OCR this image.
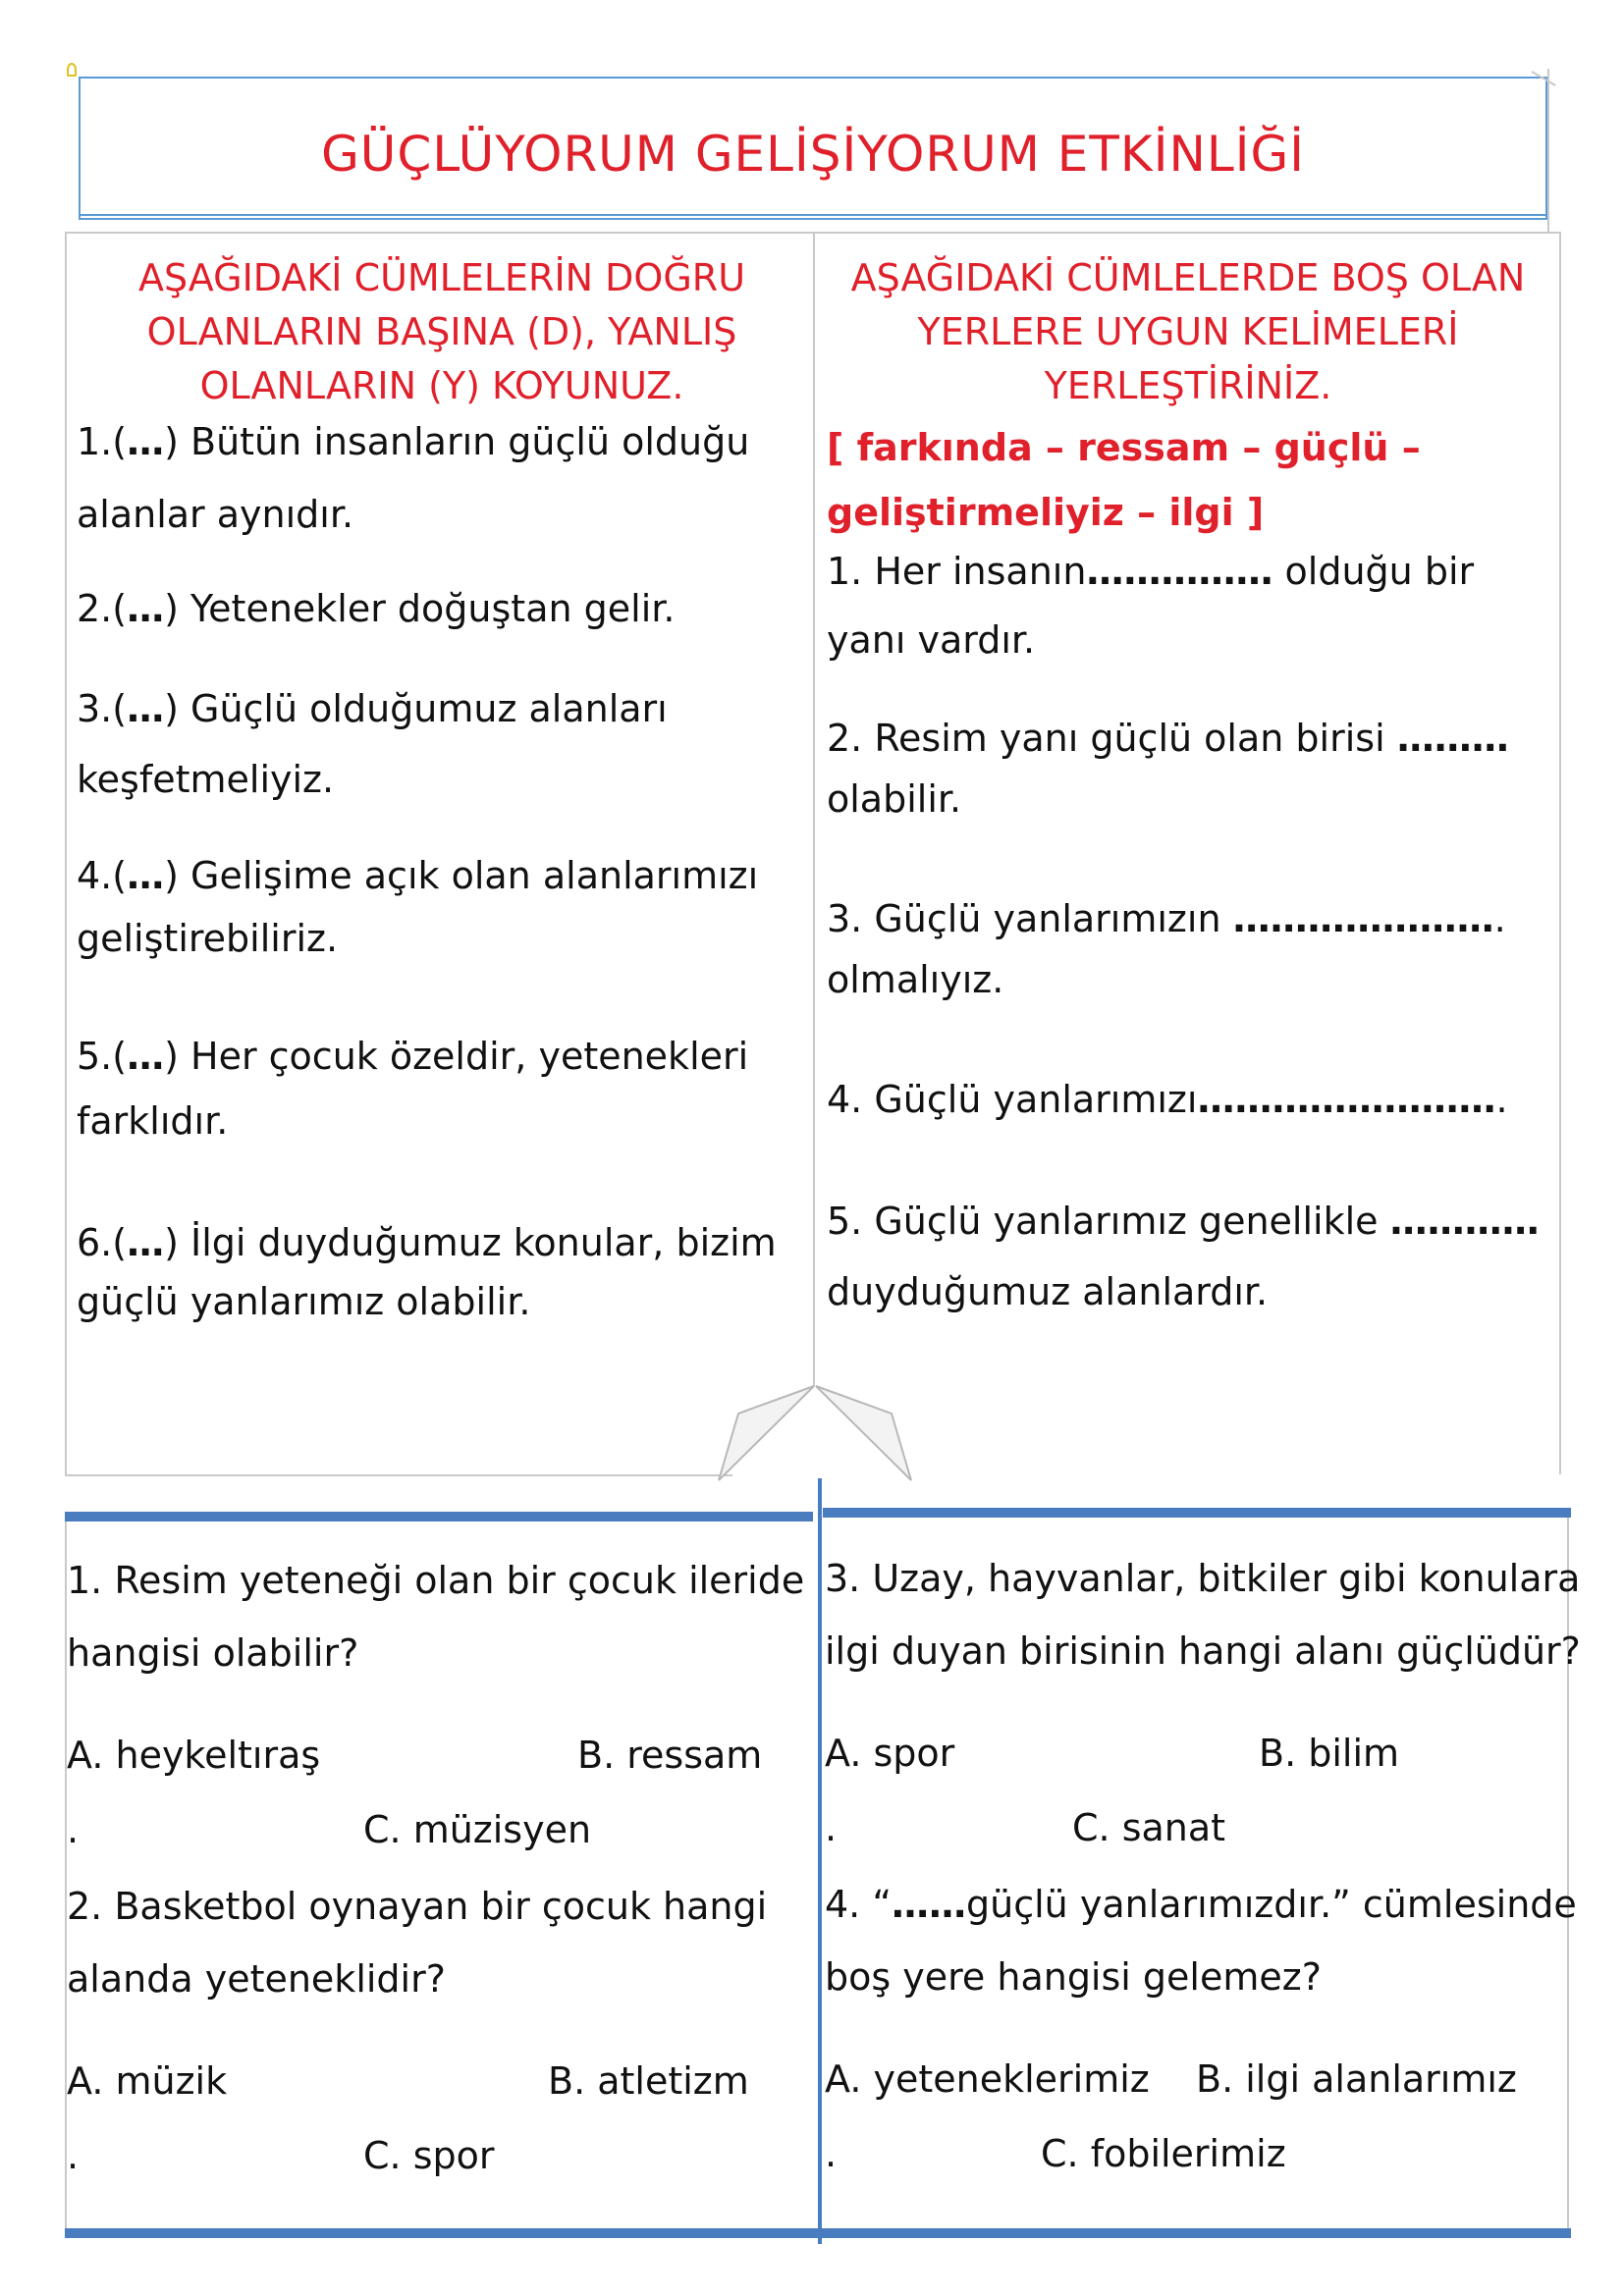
GÜÇLÜYORUM GELİŞİYORUM ETKİNLİĞİ
AŞAĞIDAKİ CÜMLELERİN DOĞRU
OLANLARIN BAŞINA (D), YANLIŞ
OLANLARIN (Y) KOYUNUZ.
1.(…) Bütün insanların güçlü olduğu
alanlar aynıdır.
2.(…) Yetenekler doğuştan gelir.
3.(…) Güçlü olduğumuz alanları
keşfetmeliyiz.
4.(…) Gelişime açık olan alanlarımızı
geliştirebiliriz.
5.(…) Her çocuk özeldir, yetenekleri
farklıdır.
6.(…) İlgi duyduğumuz konular, bizim
güçlü yanlarımız olabilir.
AŞAĞIDAKİ CÜMLELERDE BOŞ OLAN
YERLERE UYGUN KELİMELERİ
YERLEŞTİRİNİZ.
[ farkında – ressam – güçlü –
geliştirmeliyiz – ilgi ]
1. Her insanın…………… olduğu bir
yanı vardır.
2. Resim yanı güçlü olan birisi ………
olabilir.
3. Güçlü yanlarımızın ………………….
olmalıyız.
4. Güçlü yanlarımızı…………………….
5. Güçlü yanlarımız genellikle …………
duyduğumuz alanlardır.
1. Resim yeteneği olan bir çocuk ileride
hangisi olabilir?
A. heykeltıraş	B. ressam
.	C. müzisyen
2. Basketbol oynayan bir çocuk hangi
alanda yeteneklidir?
A. müzik	B. atletizm
.	C. spor
3. Uzay, hayvanlar, bitkiler gibi konulara
ilgi duyan birisinin hangi alanı güçlüdür?
A. spor	B. bilim
.	C. sanat
4. “……güçlü yanlarımızdır.” cümlesinde
boş yere hangisi gelemez?
A. yeteneklerimiz B. ilgi alanlarımız
.	C. fobilerimiz
